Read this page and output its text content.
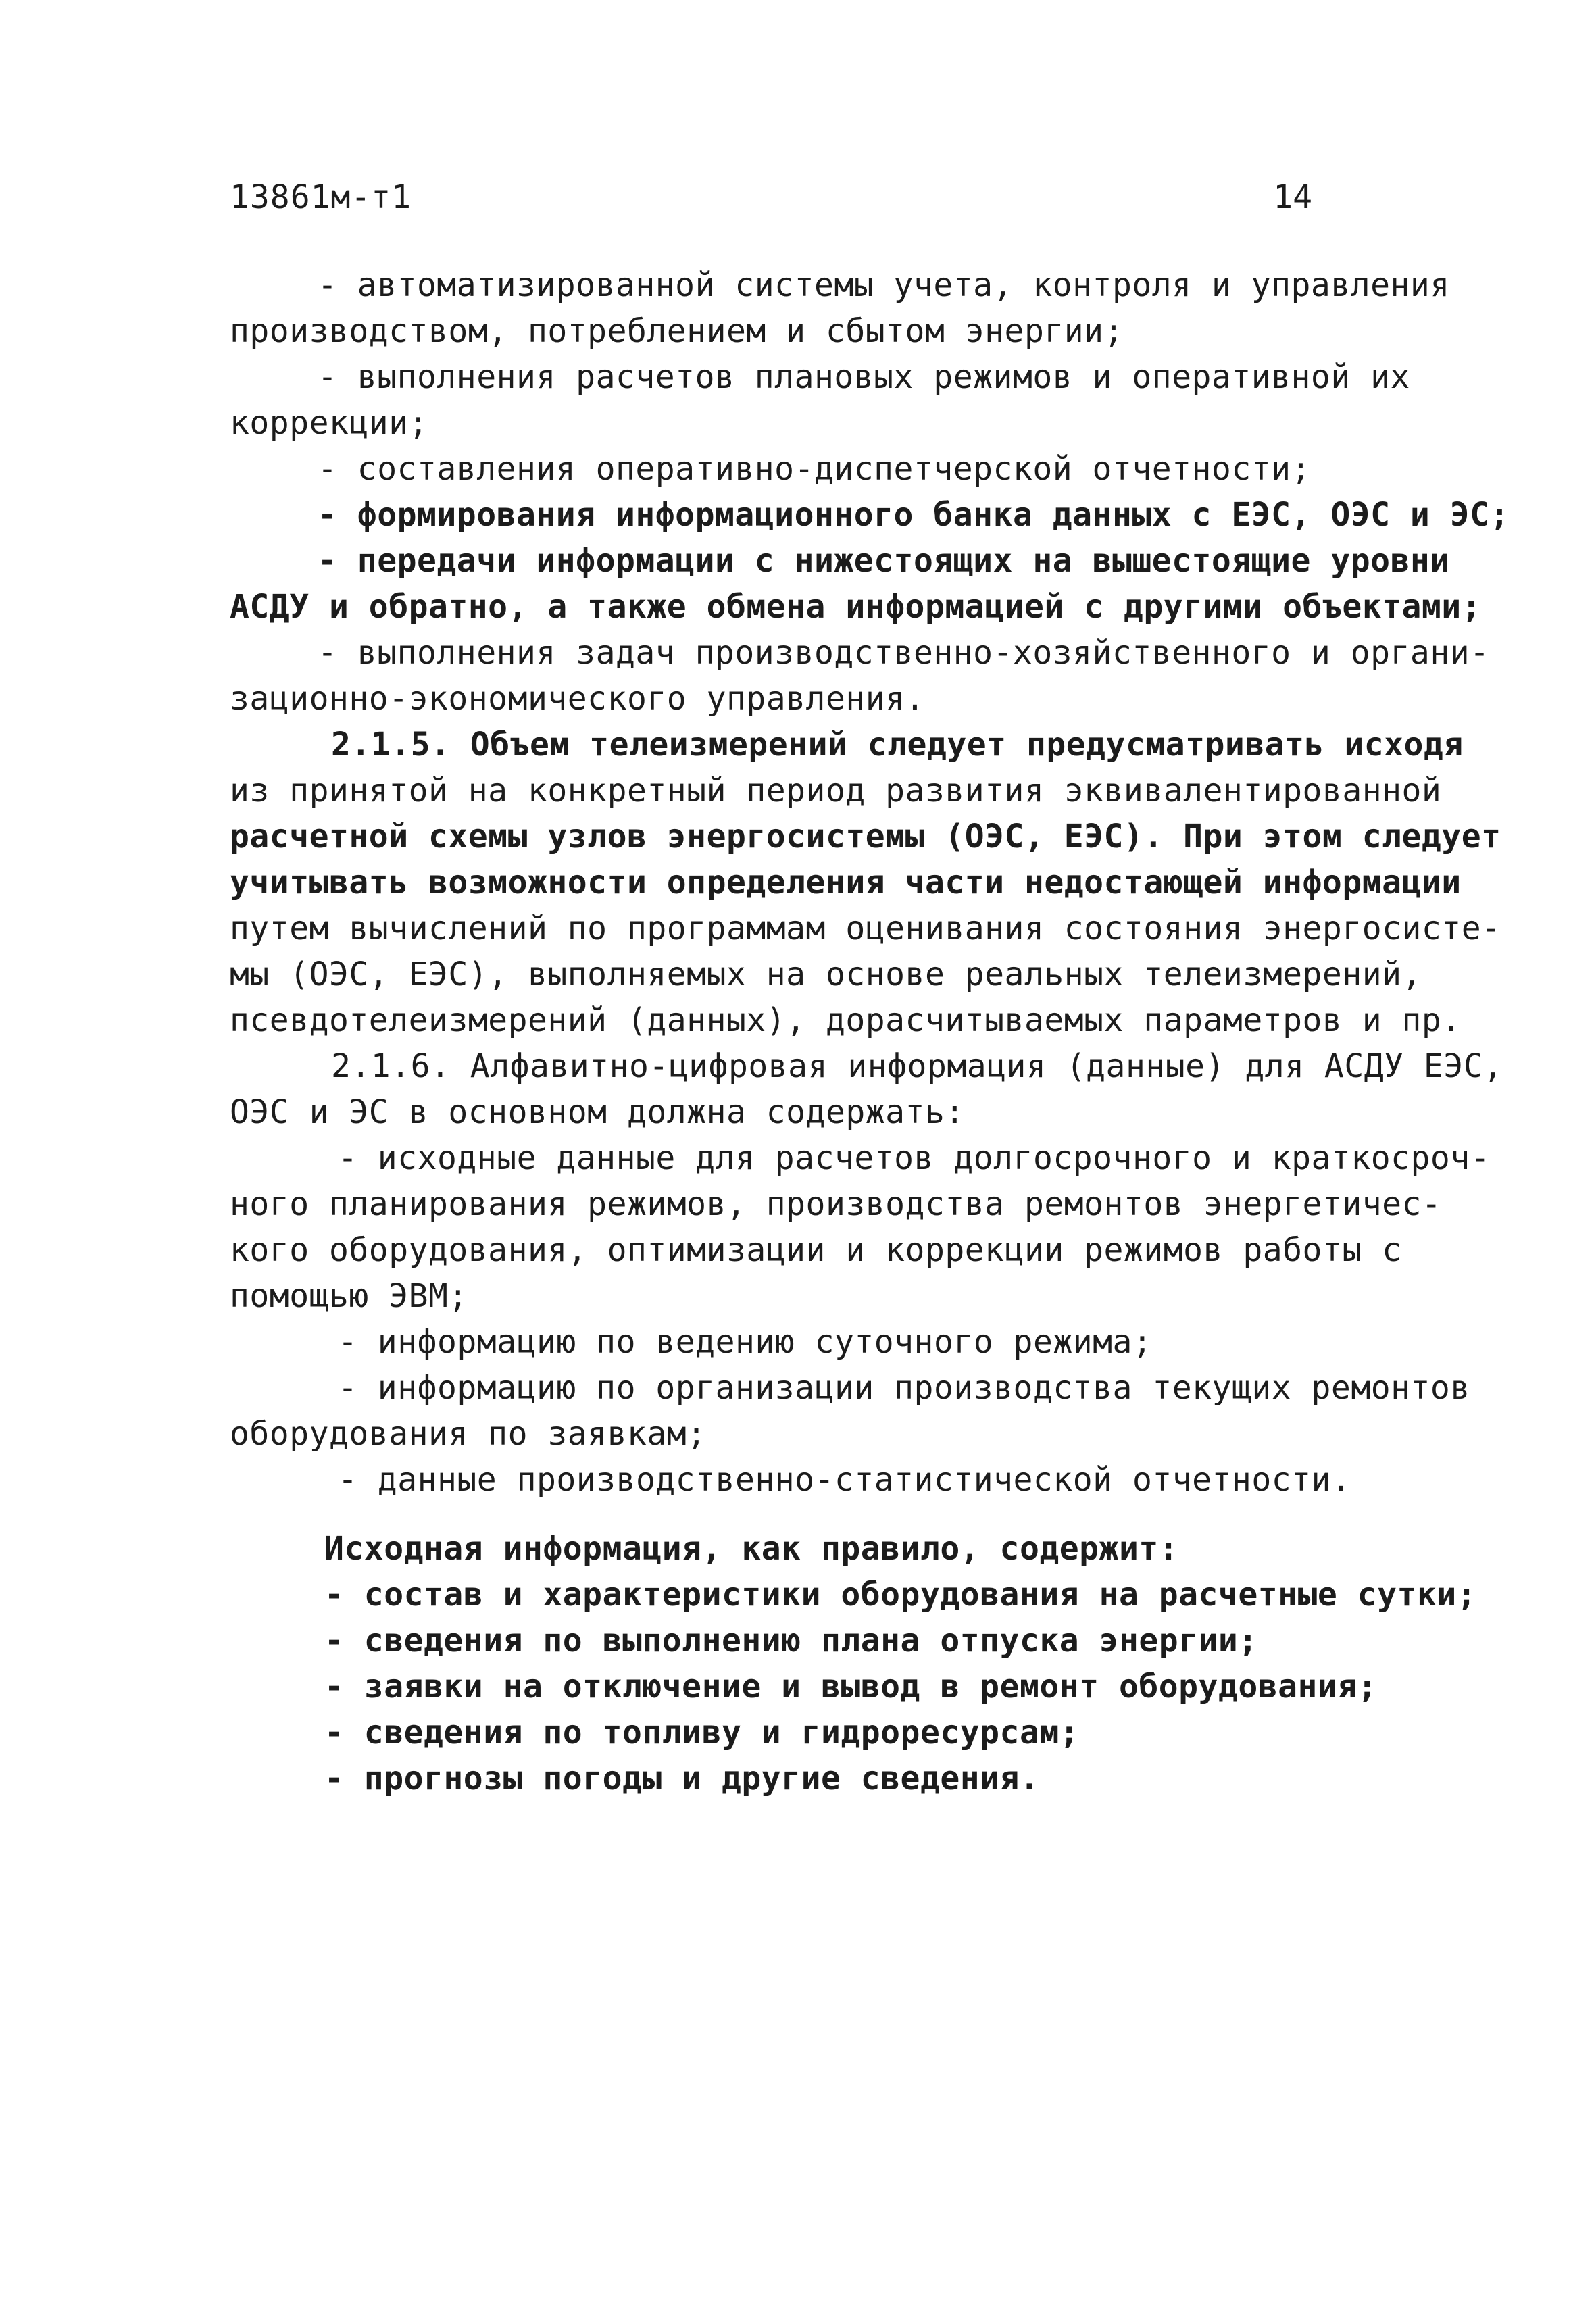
13861м-т1	14
- автоматизированной системы учета, контроля и управления
производством, потреблением и сбытом энергии;
- выполнения расчетов плановых режимов и оперативной их
коррекции;
- составления оперативно-диспетчерской отчетности;
- формирования информационного банка данных с ЕЭС, ОЭС и ЭС;
- передачи информации с нижестоящих на вышестоящие уровни
АСДУ и обратно, а также обмена информацией с другими объектами;
- выполнения задач производственно-хозяйственного и органи-
зационно-экономического управления.
2.1.5. Объем телеизмерений следует предусматривать исходя
из принятой на конкретный период развития эквивалентированной
расчетной схемы узлов энергосистемы (ОЭС, ЕЭС). При этом следует
учитывать возможности определения части недостающей информации
путем вычислений по программам оценивания состояния энергосисте-
мы (ОЭС, ЕЭС), выполняемых на основе реальных телеизмерений,
псевдотелеизмерений (данных), дорасчитываемых параметров и пр.
2.1.6. Алфавитно-цифровая информация (данные) для АСДУ ЕЭС,
ОЭС и ЭС в основном должна содержать:
- исходные данные для расчетов долгосрочного и краткосроч-
ного планирования режимов, производства ремонтов энергетичес-
кого оборудования, оптимизации и коррекции режимов работы с
помощью ЭВМ;
- информацию по ведению суточного режима;
- информацию по организации производства текущих ремонтов
оборудования по заявкам;
- данные производственно-статистической отчетности.
Исходная информация, как правило, содержит:
- состав и характеристики оборудования на расчетные сутки;
- сведения по выполнению плана отпуска энергии;
- заявки на отключение и вывод в ремонт оборудования;
- сведения по топливу и гидроресурсам;
- прогнозы погоды и другие сведения.
